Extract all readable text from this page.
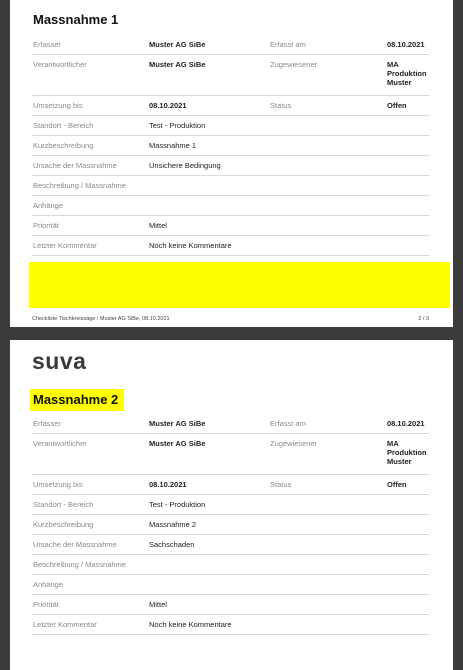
Massnahme 1
Erfasser	Muster AG SiBe	Erfasst am	08.10.2021
Verantwortlicher	Muster AG SiBe	Zugewiesener	MA Produktion Muster
Umsetzung bis	08.10.2021	Status	Offen
Standort - Bereich	Test - Produktion
Kurzbeschreibung	Massnahme 1
Ursache der Massnahme	Unsichere Bedingung
Beschreibung / Massnahme
Anhänge
Priorität	Mittel
Letzter Kommentar	Noch keine Kommentare
Checkliste Tischkreissäge / Muster AG SiBe, 08.10.2021	2 / 3
suva
Massnahme 2
Erfasser	Muster AG SiBe	Erfasst am	08.10.2021
Verantwortlicher	Muster AG SiBe	Zugewiesener	MA Produktion Muster
Umsetzung bis	08.10.2021	Status	Offen
Standort - Bereich	Test - Produktion
Kurzbeschreibung	Massnahme 2
Ursache der Massnahme	Sachschaden
Beschreibung / Massnahme
Anhänge
Priorität	Mittel
Letzter Kommentar	Noch keine Kommentare
